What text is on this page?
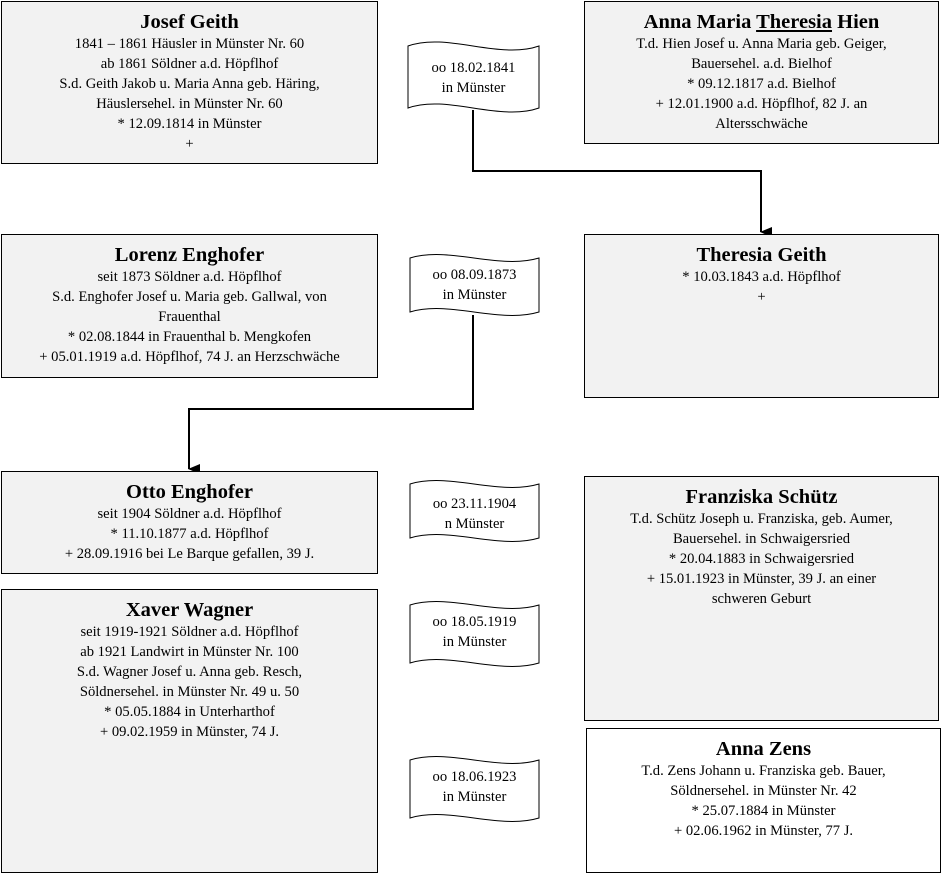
Josef Geith
1841 – 1861 Häusler in Münster Nr. 60
ab 1861 Söldner a.d. Höpflhof
S.d. Geith Jakob u. Maria Anna geb. Häring,
Häuslersehel. in Münster Nr. 60
* 12.09.1814 in Münster
+
Anna Maria Theresia Hien
T.d. Hien Josef u. Anna Maria geb. Geiger,
Bauersehel. a.d. Bielhof
* 09.12.1817 a.d. Bielhof
+ 12.01.1900 a.d. Höpflhof, 82 J. an
Altersschwäche
Lorenz Enghofer
seit 1873 Söldner a.d. Höpflhof
S.d. Enghofer Josef u. Maria geb. Gallwal, von
Frauenthal
* 02.08.1844 in Frauenthal b. Mengkofen
+ 05.01.1919 a.d. Höpflhof, 74 J. an Herzschwäche
Theresia Geith
* 10.03.1843 a.d. Höpflhof
+
Otto Enghofer
seit 1904 Söldner a.d. Höpflhof
* 11.10.1877 a.d. Höpflhof
+ 28.09.1916 bei Le Barque gefallen, 39 J.
Franziska Schütz
T.d. Schütz Joseph u. Franziska, geb. Aumer,
Bauersehel. in Schwaigersried
* 20.04.1883 in Schwaigersried
+ 15.01.1923 in Münster, 39 J. an einer
schweren Geburt
Xaver Wagner
seit 1919-1921 Söldner a.d. Höpflhof
ab 1921 Landwirt in Münster Nr. 100
S.d. Wagner Josef u. Anna geb. Resch,
Söldnersehel. in Münster Nr. 49 u. 50
* 05.05.1884 in Unterharthof
+ 09.02.1959 in Münster, 74 J.
Anna Zens
T.d. Zens Johann u. Franziska geb. Bauer,
Söldnersehel. in Münster Nr. 42
* 25.07.1884 in Münster
+ 02.06.1962 in Münster, 77 J.
oo 18.02.1841
in Münster
oo 08.09.1873
in Münster
oo 23.11.1904
n Münster
oo 18.05.1919
in Münster
oo 18.06.1923
in Münster
